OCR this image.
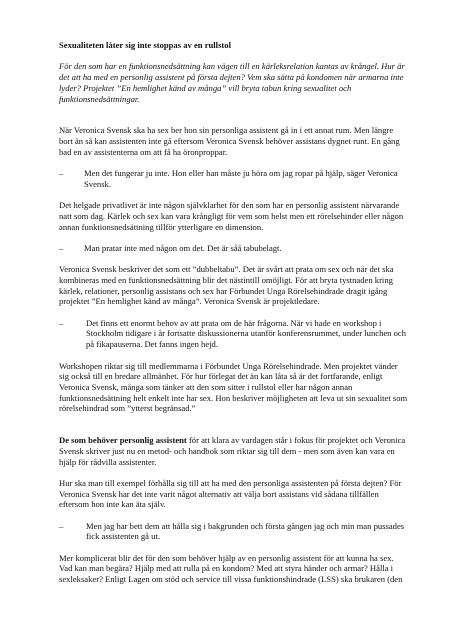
Sexualiteten låter sig inte stoppas av en rullstol

För den som har en funktionsnedsättning kan vägen till en kärleksrelation kantas av krångel. Hur är det att ha med en personlig assistent på första dejten? Vem ska sätta på kondomen när armarna inte lyder? Projektet ”En hemlighet känd av många” vill bryta tabun kring sexualitet och funktionsnedsättningar.

När Veronica Svensk ska ha sex ber hon sin personliga assistent gå in i ett annat rum. Men längre bort än så kan assistenten inte gå eftersom Veronica Svensk behöver assistans dygnet runt. En gång bad en av assistenterna om att få ha öronproppar.

–	Men det fungerar ju inte. Hon eller han måste ju höra om jag ropar på hjälp, säger Veronica Svensk.

Det helgade privatlivet är inte någon självklarhet för den som har en personlig assistent närvarande natt som dag. Kärlek och sex kan vara krångligt för vem som helst men ett rörelsehinder eller någon annan funktionsnedsättning tillför ytterligare en dimension.

–	Man pratar inte med någon om det. Det är såå tabubelagt.

Veronica Svensk beskriver det som ett ”dubbeltabu”. Det är svårt att prata om sex och när det ska kombineras med en funktionsnedsättning blir det nästintill omöjligt. För att bryta tystnaden kring kärlek, relationer, personlig assistans och sex har Förbundet Unga Rörelsehindrade dragit igång projektet ”En hemlighet känd av många”. Veronica Svensk är projektledare.

–	Det finns ett enormt behov av att prata om de här frågorna. När vi hade en workshop i Stockholm tidigare i år fortsatte diskussionerna utanför konferensrummet, under lunchen och på fikapauserna. Det fanns ingen hejd.

Workshopen riktar sig till medlemmarna i Förbundet Unga Rörelsehindrade. Men projektet vänder sig också till en bredare allmänhet. För hur förlegat det än kan låta så är det fortfarande, enligt Veronica Svensk, många som tänker att den som sitter i rullstol eller har någon annan funktionsnedsättning helt enkelt inte har sex. Hon beskriver möjligheten att leva ut sin sexualitet som rörelsehindrad som ”ytterst begränsad.”

De som behöver personlig assistent för att klara av vardagen står i fokus för projektet och Veronica Svensk skriver just nu en metod- och handbok som riktar sig till dem - men som även kan vara en hjälp för rådvilla assistenter.

Hur ska man till exempel förhålla sig till att ha med den personliga assistenten på första dejten? För Veronica Svensk har det inte varit något alternativ att välja bort assistans vid sådana tillfällen eftersom hon inte kan äta själv.

–	Men jag har bett dem att hålla sig i bakgrunden och första gången jag och min man pussades fick assistenten gå ut.

Mer komplicerat blir det för den som behöver hjälp av en personlig assistent för att kunna ha sex. Vad kan man begära? Hjälp med att rulla på en kondom? Med att styra händer och armar? Hålla i sexleksaker? Enligt Lagen om stöd och service till vissa funktionshindrade (LSS) ska brukaren (den
